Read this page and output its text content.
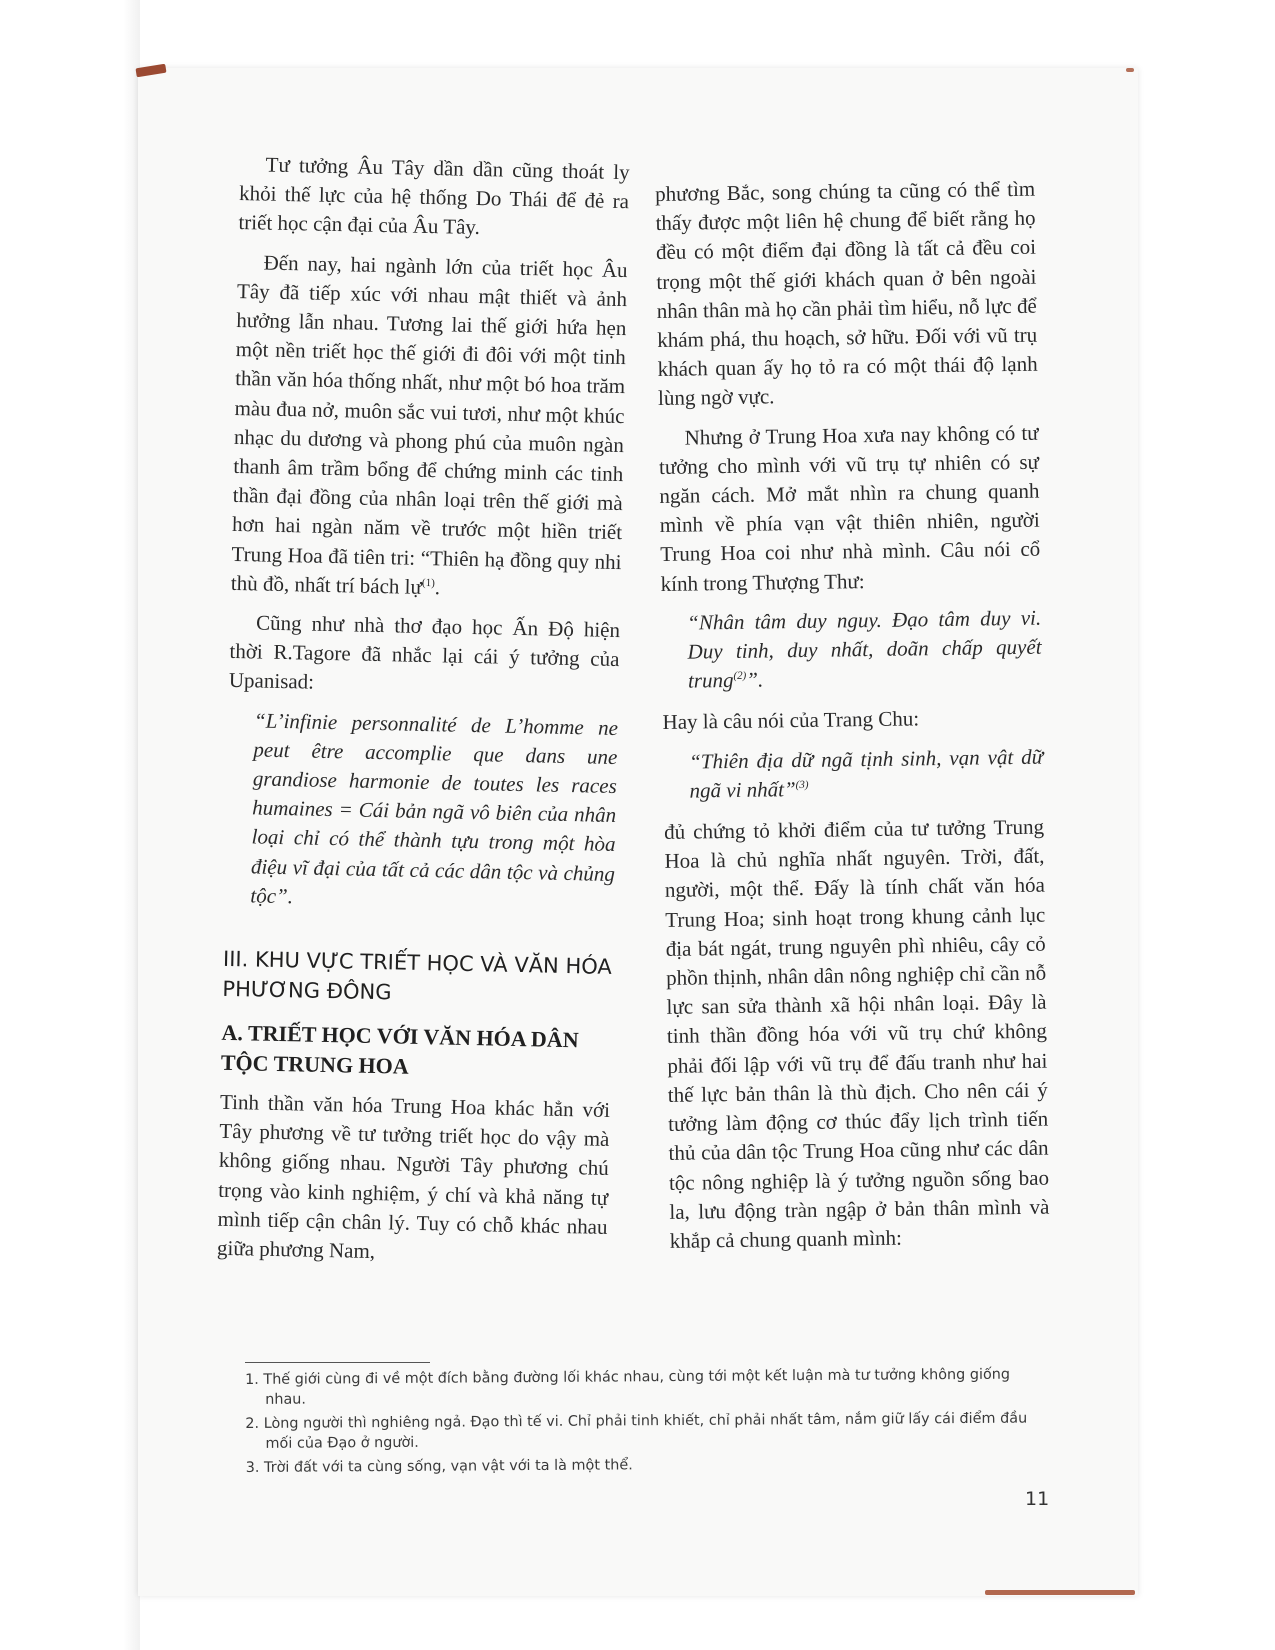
Tư tưởng Âu Tây dần dần cũng thoát ly khỏi thế lực của hệ thống Do Thái để đẻ ra triết học cận đại của Âu Tây.

Đến nay, hai ngành lớn của triết học Âu Tây đã tiếp xúc với nhau mật thiết và ảnh hưởng lẫn nhau. Tương lai thế giới hứa hẹn một nền triết học thế giới đi đôi với một tinh thần văn hóa thống nhất, như một bó hoa trăm màu đua nở, muôn sắc vui tươi, như một khúc nhạc du dương và phong phú của muôn ngàn thanh âm trầm bổng để chứng minh các tinh thần đại đồng của nhân loại trên thế giới mà hơn hai ngàn năm về trước một hiền triết Trung Hoa đã tiên tri: “Thiên hạ đồng quy nhi thù đồ, nhất trí bách lự$^{(1)}$.

Cũng như nhà thơ đạo học Ấn Độ hiện thời R.Tagore đã nhắc lại cái ý tưởng của Upanisad:

“L’infinie personnalité de L’homme ne peut être accomplie que dans une grandiose harmonie de toutes les races humaines = Cái bản ngã vô biên của nhân loại chỉ có thể thành tựu trong một hòa điệu vĩ đại của tất cả các dân tộc và chủng tộc”.
III. KHU VỰC TRIẾT HỌC VÀ VĂN HÓA PHƯƠNG ĐÔNG
A. TRIẾT HỌC VỚI VĂN HÓA DÂN TỘC TRUNG HOA

Tinh thần văn hóa Trung Hoa khác hẳn với Tây phương về tư tưởng triết học do vậy mà không giống nhau. Người Tây phương chú trọng vào kinh nghiệm, ý chí và khả năng tự mình tiếp cận chân lý. Tuy có chỗ khác nhau giữa phương Nam,

phương Bắc, song chúng ta cũng có thể tìm thấy được một liên hệ chung để biết rằng họ đều có một điểm đại đồng là tất cả đều coi trọng một thế giới khách quan ở bên ngoài nhân thân mà họ cần phải tìm hiểu, nỗ lực để khám phá, thu hoạch, sở hữu. Đối với vũ trụ khách quan ấy họ tỏ ra có một thái độ lạnh lùng ngờ vực.

Nhưng ở Trung Hoa xưa nay không có tư tưởng cho mình với vũ trụ tự nhiên có sự ngăn cách. Mở mắt nhìn ra chung quanh mình về phía vạn vật thiên nhiên, người Trung Hoa coi như nhà mình. Câu nói cổ kính trong Thượng Thư:

“Nhân tâm duy nguy. Đạo tâm duy vi. Duy tinh, duy nhất, doãn chấp quyết trung$^{(2)}$”.

Hay là câu nói của Trang Chu:

“Thiên địa dữ ngã tịnh sinh, vạn vật dữ ngã vi nhất”$^{(3)}$

đủ chứng tỏ khởi điểm của tư tưởng Trung Hoa là chủ nghĩa nhất nguyên. Trời, đất, người, một thể. Đấy là tính chất văn hóa Trung Hoa; sinh hoạt trong khung cảnh lục địa bát ngát, trung nguyên phì nhiêu, cây cỏ phồn thịnh, nhân dân nông nghiệp chỉ cần nỗ lực san sửa thành xã hội nhân loại. Đây là tinh thần đồng hóa với vũ trụ chứ không phải đối lập với vũ trụ để đấu tranh như hai thế lực bản thân là thù địch. Cho nên cái ý tưởng làm động cơ thúc đẩy lịch trình tiến thủ của dân tộc Trung Hoa cũng như các dân tộc nông nghiệp là ý tưởng nguồn sống bao la, lưu động tràn ngập ở bản thân mình và khắp cả chung quanh mình:

1. Thế giới cùng đi về một đích bằng đường lối khác nhau, cùng tới một kết luận mà tư tưởng không giống nhau.
2. Lòng người thì nghiêng ngả. Đạo thì tế vi. Chỉ phải tinh khiết, chỉ phải nhất tâm, nắm giữ lấy cái điểm đầu mối của Đạo ở người.
3. Trời đất với ta cùng sống, vạn vật với ta là một thể.
11
